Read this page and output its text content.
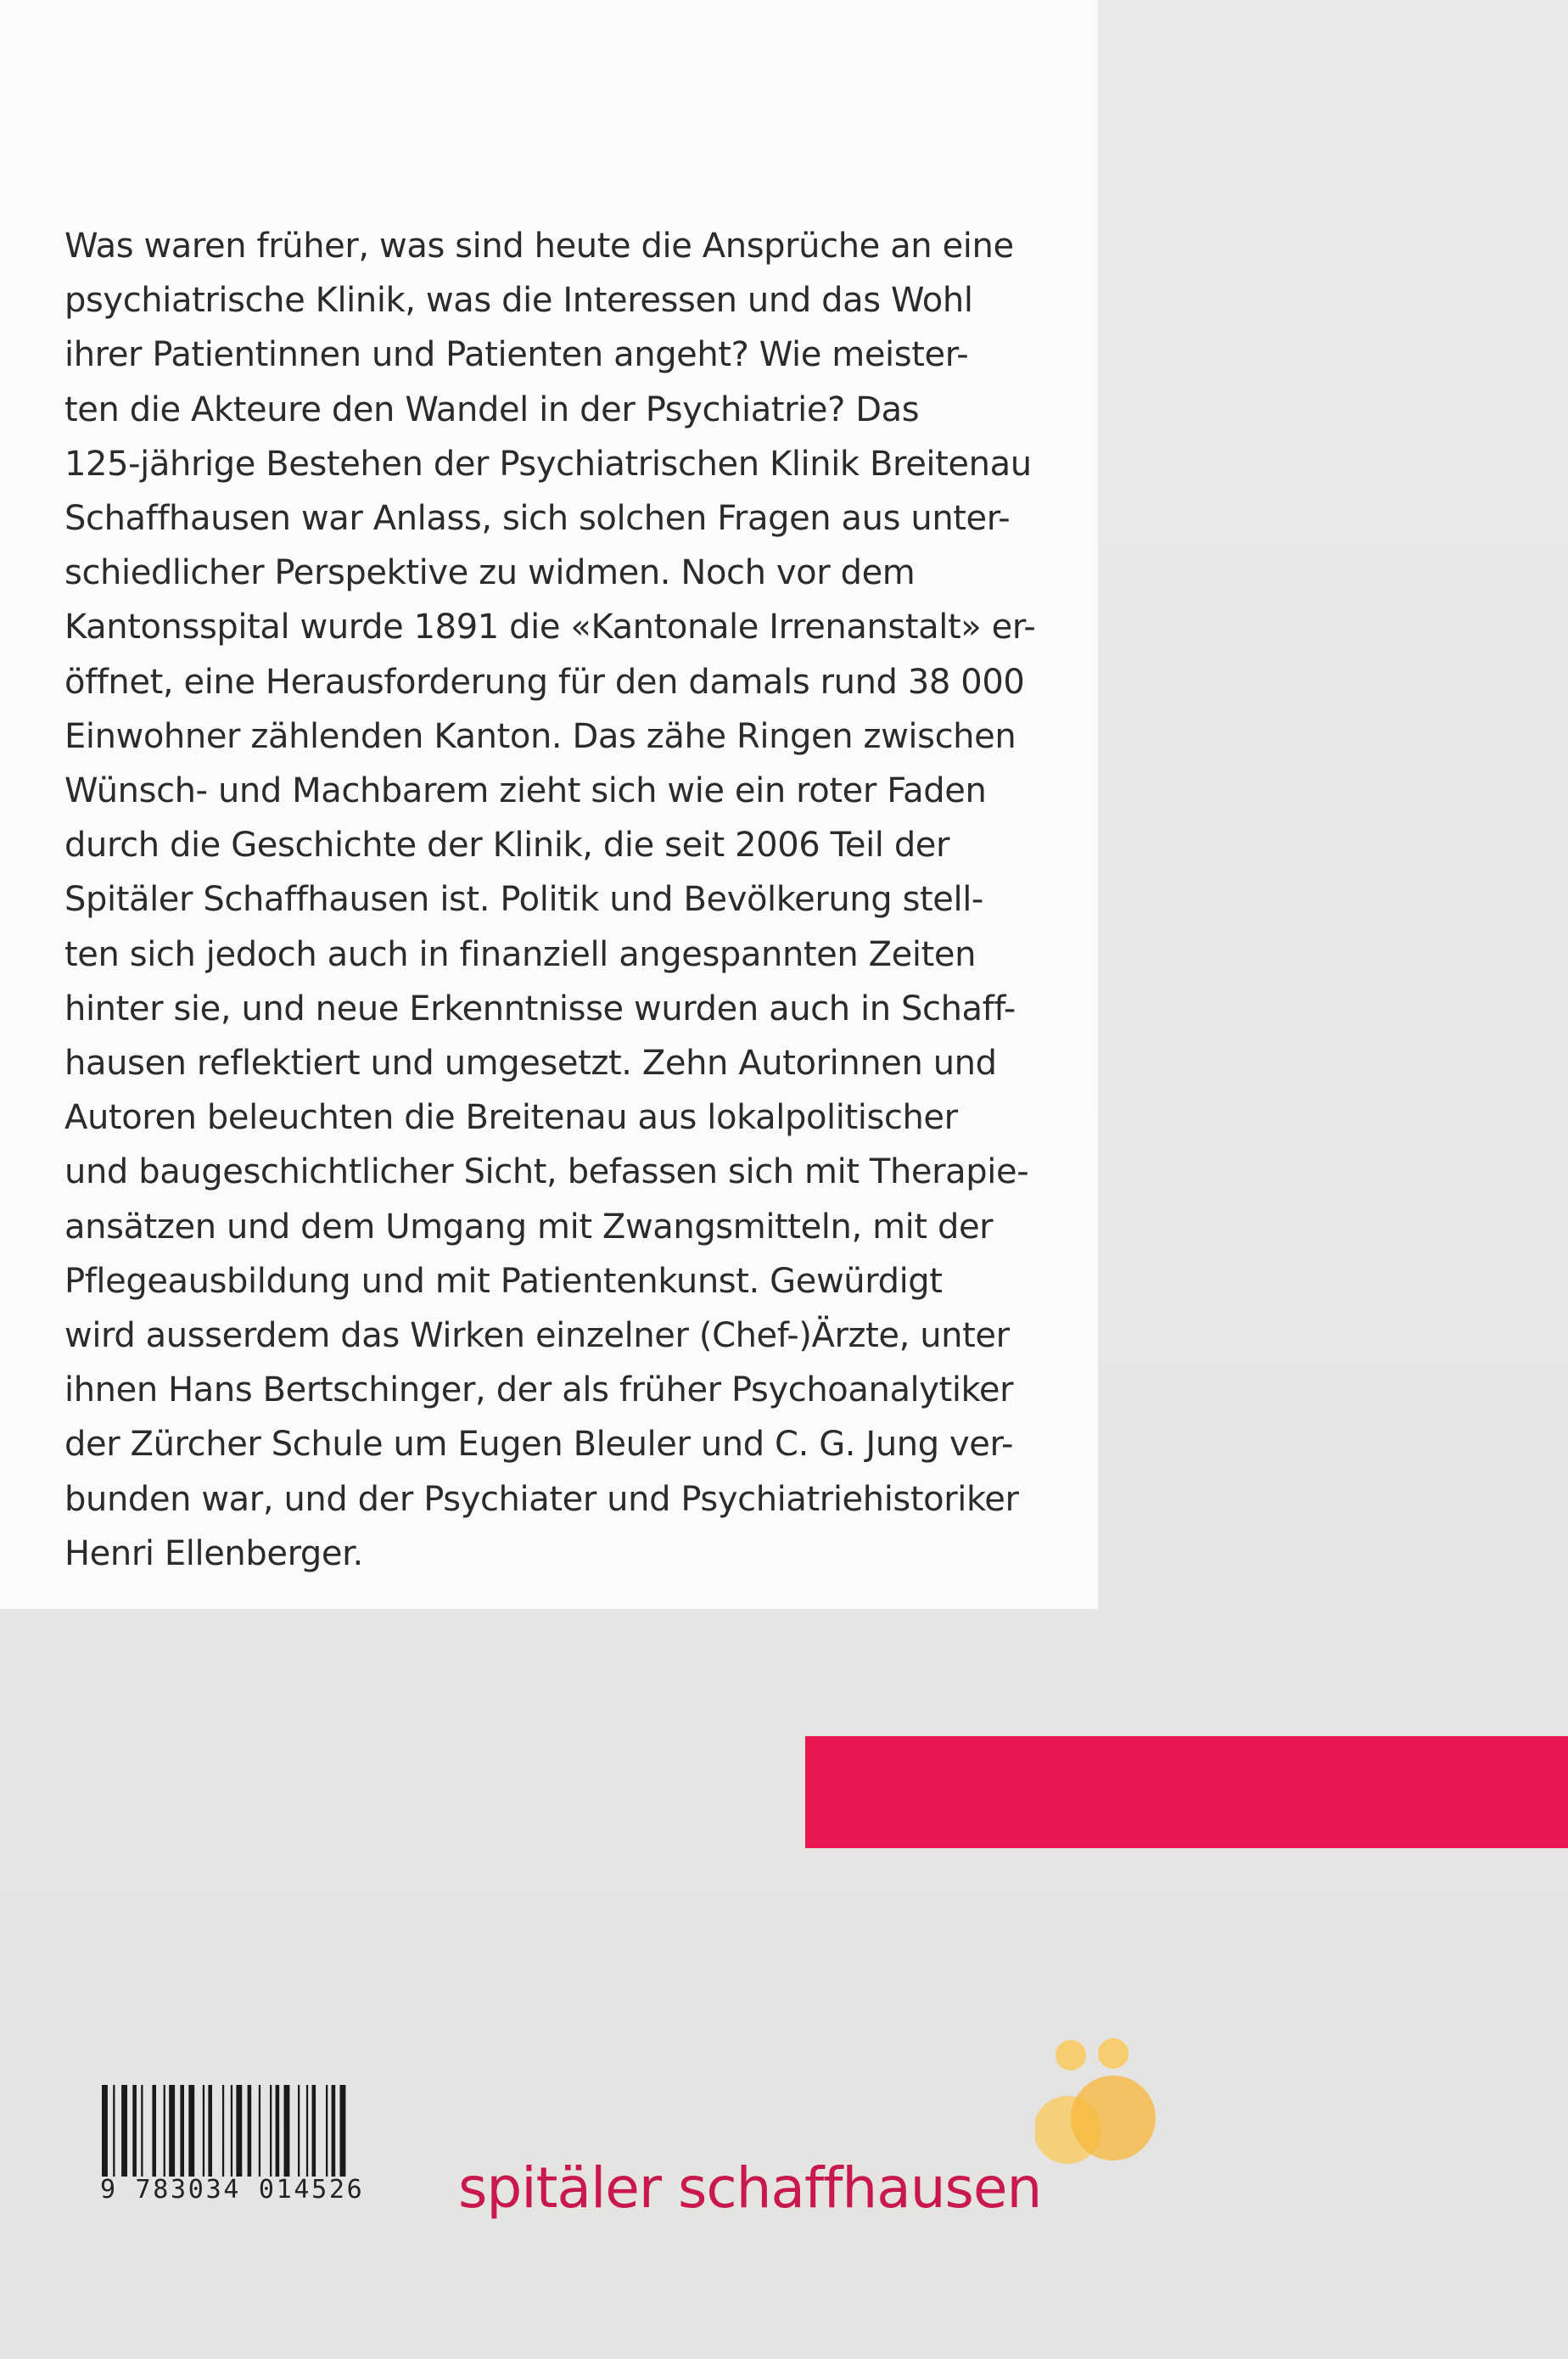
Was waren früher, was sind heute die Ansprüche an eine
psychiatrische Klinik, was die Interessen und das Wohl
ihrer Patientinnen und Patienten angeht? Wie meister-
ten die Akteure den Wandel in der Psychiatrie? Das
125-jährige Bestehen der Psychiatrischen Klinik Breitenau
Schaffhausen war Anlass, sich solchen Fragen aus unter-
schiedlicher Perspektive zu widmen. Noch vor dem
Kantonsspital wurde 1891 die «Kantonale Irrenanstalt» er-
öffnet, eine Herausforderung für den damals rund 38 000
Einwohner zählenden Kanton. Das zähe Ringen zwischen
Wünsch- und Machbarem zieht sich wie ein roter Faden
durch die Geschichte der Klinik, die seit 2006 Teil der
Spitäler Schaffhausen ist. Politik und Bevölkerung stell-
ten sich jedoch auch in finanziell angespannten Zeiten
hinter sie, und neue Erkenntnisse wurden auch in Schaff-
hausen reflektiert und umgesetzt. Zehn Autorinnen und
Autoren beleuchten die Breitenau aus lokalpolitischer
und baugeschichtlicher Sicht, befassen sich mit Therapie-
ansätzen und dem Umgang mit Zwangsmitteln, mit der
Pflegeausbildung und mit Patientenkunst. Gewürdigt
wird ausserdem das Wirken einzelner (Chef-)Ärzte, unter
ihnen Hans Bertschinger, der als früher Psychoanalytiker
der Zürcher Schule um Eugen Bleuler und C. G. Jung ver-
bunden war, und der Psychiater und Psychiatriehistoriker
Henri Ellenberger.

9 783034 014526	spitäler schaffhausen
